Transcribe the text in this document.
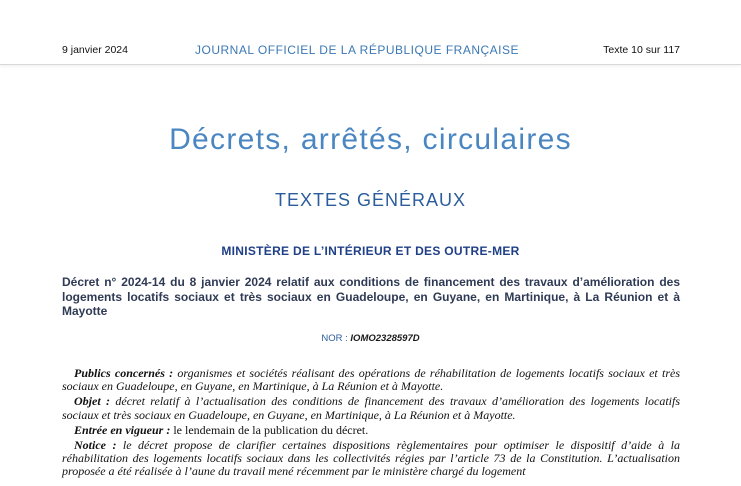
9 janvier 2024	JOURNAL OFFICIEL DE LA RÉPUBLIQUE FRANÇAISE	Texte 10 sur 117
Décrets, arrêtés, circulaires
TEXTES GÉNÉRAUX
MINISTÈRE DE L’INTÉRIEUR ET DES OUTRE-MER
Décret n° 2024-14 du 8 janvier 2024 relatif aux conditions de financement des travaux d’amélioration des logements locatifs sociaux et très sociaux en Guadeloupe, en Guyane, en Martinique, à La Réunion et à Mayotte
NOR : IOMO2328597D

Publics concernés : organismes et sociétés réalisant des opérations de réhabilitation de logements locatifs sociaux et très sociaux en Guadeloupe, en Guyane, en Martinique, à La Réunion et à Mayotte.

Objet : décret relatif à l’actualisation des conditions de financement des travaux d’amélioration des logements locatifs sociaux et très sociaux en Guadeloupe, en Guyane, en Martinique, à La Réunion et à Mayotte.

Entrée en vigueur : le lendemain de la publication du décret.

Notice : le décret propose de clarifier certaines dispositions règlementaires pour optimiser le dispositif d’aide à la réhabilitation des logements locatifs sociaux dans les collectivités régies par l’article 73 de la Constitution. L’actualisation proposée a été réalisée à l’aune du travail mené récemment par le ministère chargé du logement
